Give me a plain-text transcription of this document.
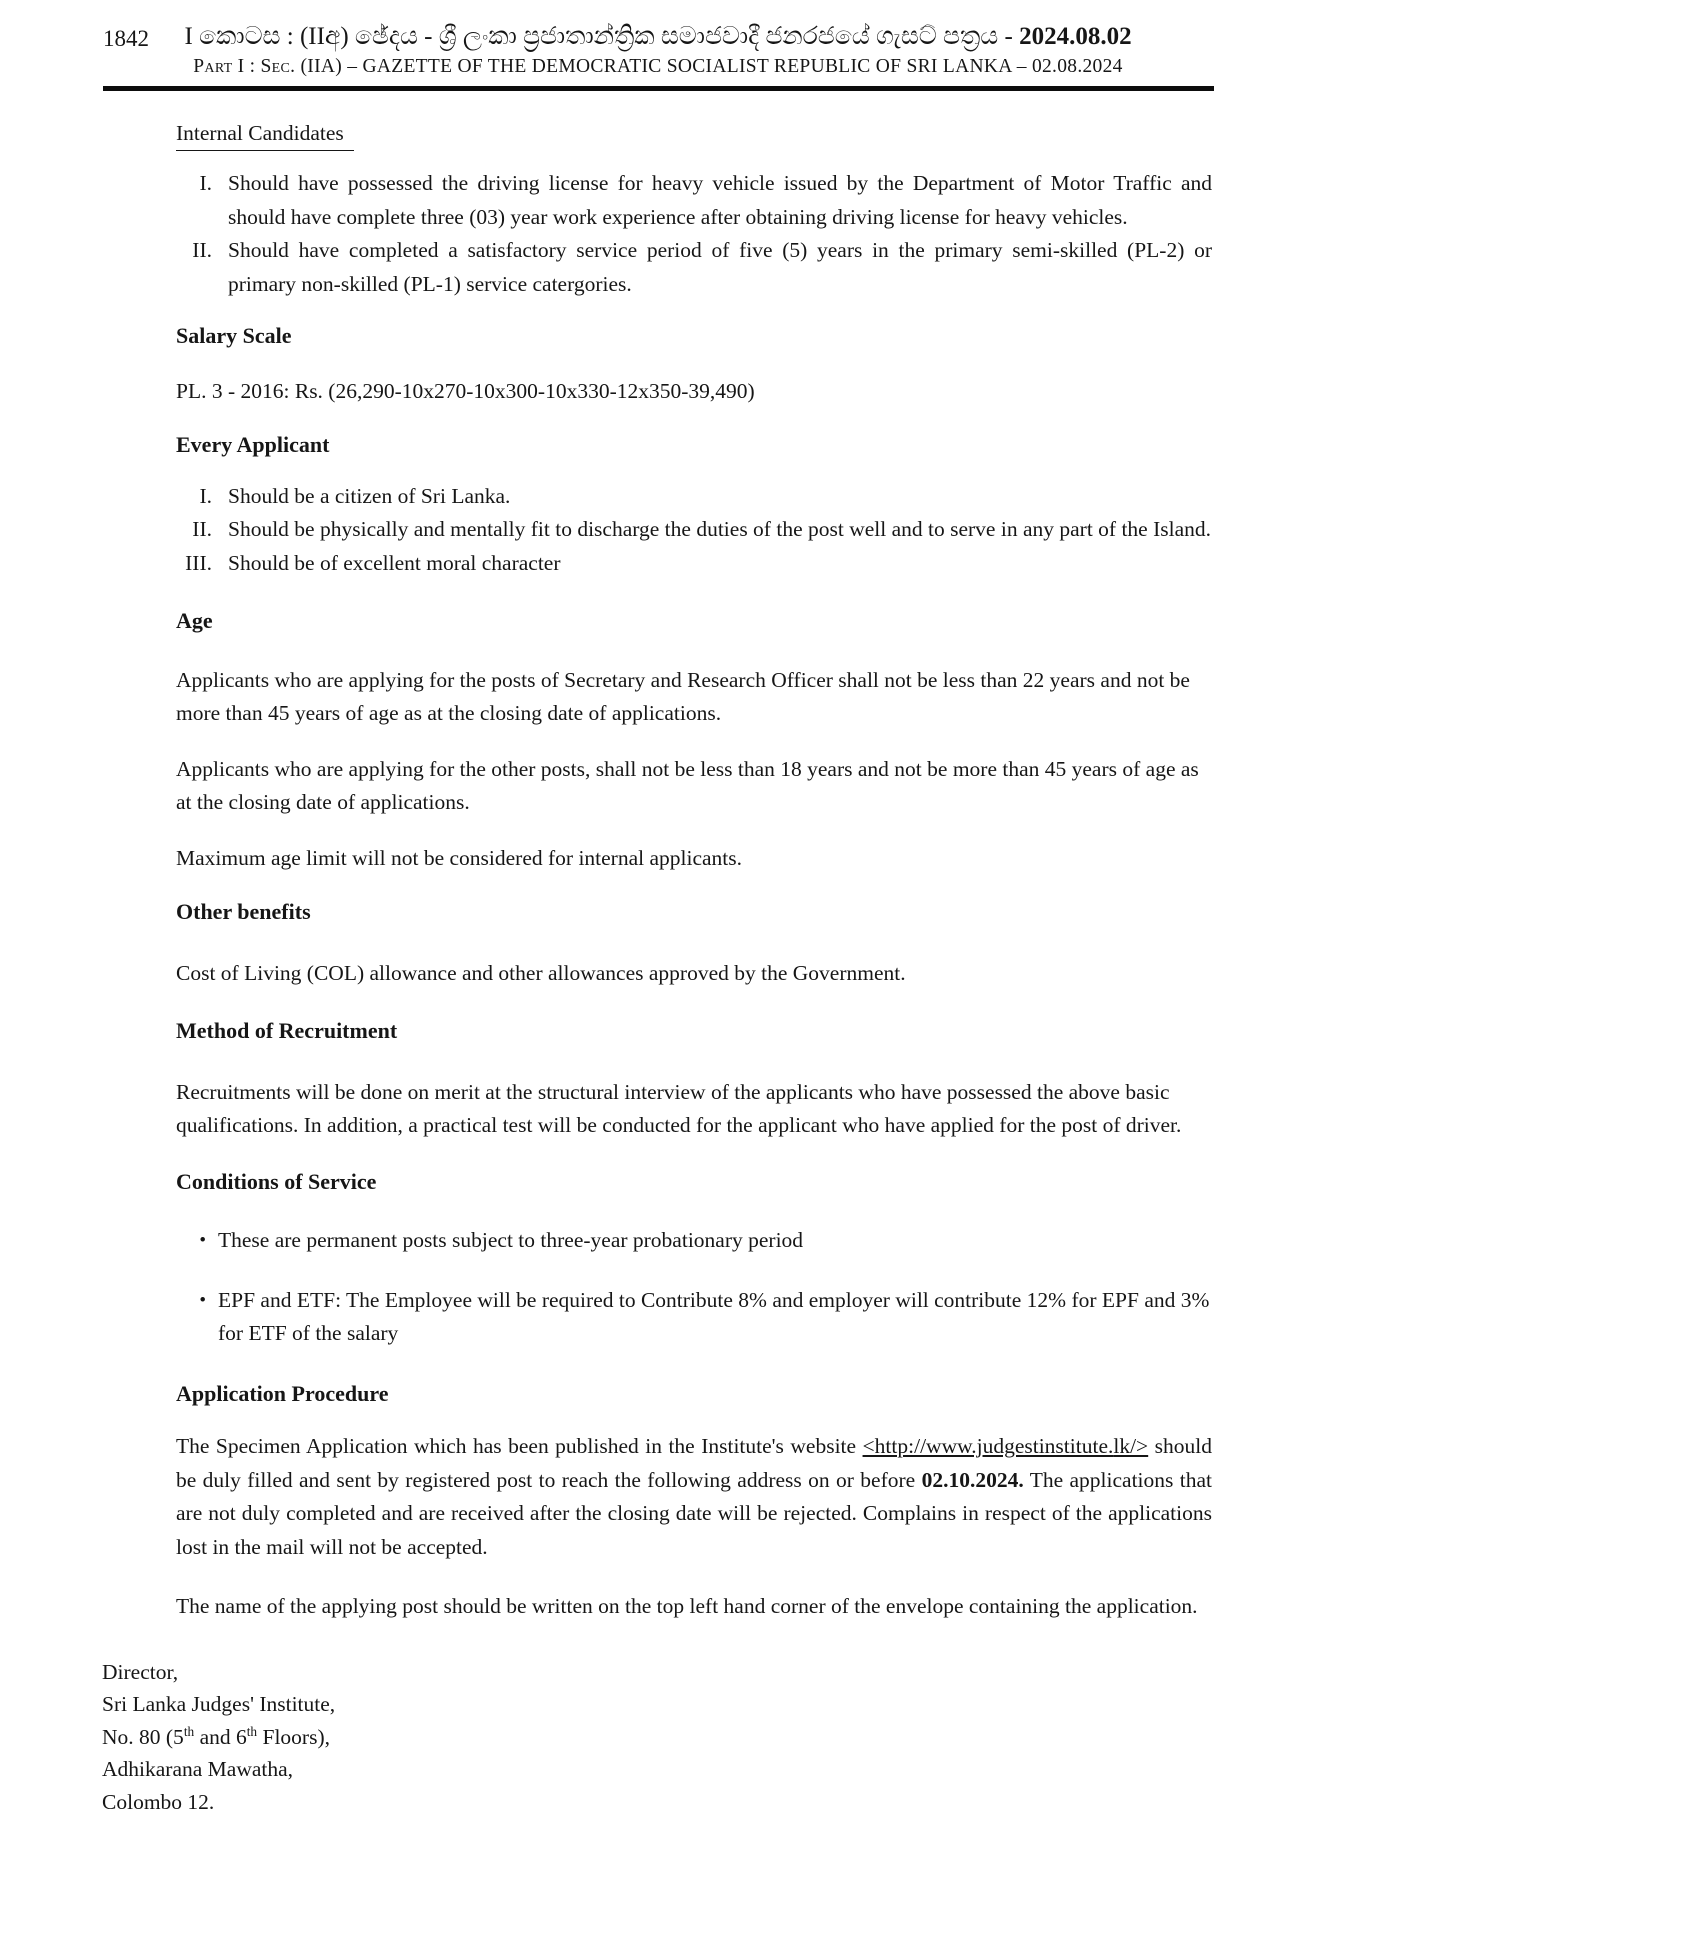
1842	I කොටස : (IIඅ) ඡේදය - ශ්‍රී ලංකා ප්‍රජාතාන්ත්‍රික සමාජවාදී ජනරජයේ ගැසට් පත්‍රය - 2024.08.02
Part I : Sec. (IIA) – GAZETTE OF THE DEMOCRATIC SOCIALIST REPUBLIC OF SRI LANKA – 02.08.2024
Internal Candidates
I. Should have possessed the driving license for heavy vehicle issued by the Department of Motor Traffic and should have complete three (03) year work experience after obtaining driving license for heavy vehicles.
II. Should have completed a satisfactory service period of five (5) years in the primary semi-skilled (PL-2) or primary non-skilled (PL-1) service catergories.
Salary Scale
PL. 3 - 2016: Rs. (26,290-10x270-10x300-10x330-12x350-39,490)
Every Applicant
I. Should be a citizen of Sri Lanka.
II. Should be physically and mentally fit to discharge the duties of the post well and to serve in any part of the Island.
III. Should be of excellent moral character
Age
Applicants who are applying for the posts of Secretary and Research Officer shall not be less than 22 years and not be more than 45 years of age as at the closing date of applications.
Applicants who are applying for the other posts, shall not be less than 18 years and not be more than 45 years of age as at the closing date of applications.
Maximum age limit will not be considered for internal applicants.
Other benefits
Cost of Living (COL) allowance and other allowances approved by the Government.
Method of Recruitment
Recruitments will be done on merit at the structural interview of the applicants who have possessed the above basic qualifications. In addition, a practical test will be conducted for the applicant who have applied for the post of driver.
Conditions of Service
• These are permanent posts subject to three-year probationary period
• EPF and ETF: The Employee will be required to Contribute 8% and employer will contribute 12% for EPF and 3% for ETF of the salary
Application Procedure
The Specimen Application which has been published in the Institute's website <http://www.judgestinstitute.lk/> should be duly filled and sent by registered post to reach the following address on or before 02.10.2024. The applications that are not duly completed and are received after the closing date will be rejected. Complains in respect of the applications lost in the mail will not be accepted.
The name of the applying post should be written on the top left hand corner of the envelope containing the application.
Director,
Sri Lanka Judges' Institute,
No. 80 (5th and 6th Floors),
Adhikarana Mawatha,
Colombo 12.
